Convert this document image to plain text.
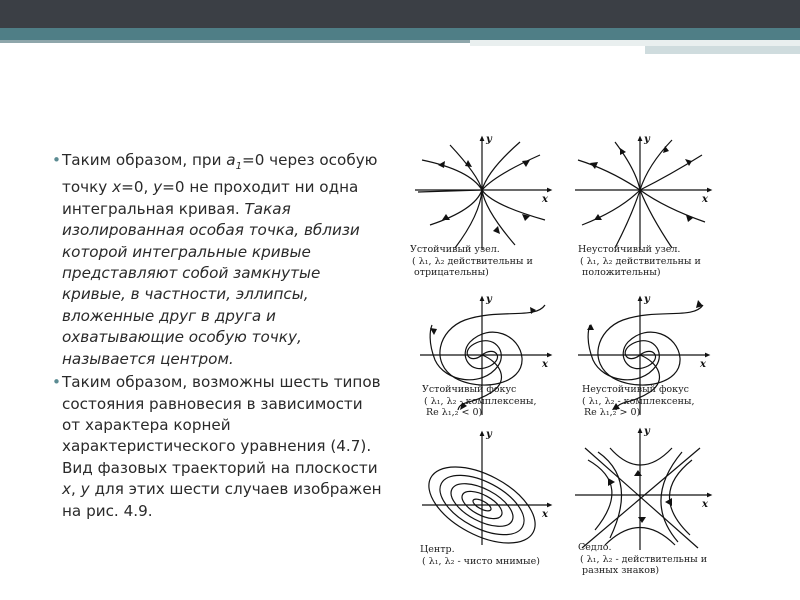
• Таким образом, при $a_1=0$ через особую точку x=0, y=0 не проходит ни одна интегральная кривая. Такая изолированная особая точка, вблизи которой интегральные кривые представляют собой замкнутые кривые, в частности, эллипсы, вложенные друг в друга и охватывающие особую точку, называется центром.
• Таким образом, возможны шесть типов состояния равновесия в зависимости от характера корней характеристического уравнения (4.7). Вид фазовых траекторий на плоскости x, y для этих шести случаев изображен на рис. 4.9.
x
y
x
y
x
y
x
y
x
y
x
y
Устойчивый узел.
( λ₁, λ₂ действительны и
отрицательны)
Неустойчивый узел.
( λ₁, λ₂ действительны и
положительны)
Устойчивый фокус
( λ₁, λ₂ - комплексены,
Re λ₁,₂ < 0)
Неустойчивый фокус
( λ₁, λ₂ - комплексены,
Re λ₁,₂ > 0)
Центр.
( λ₁, λ₂ - чисто мнимые)
Седло.
( λ₁, λ₂ - действительны и
разных знаков)
